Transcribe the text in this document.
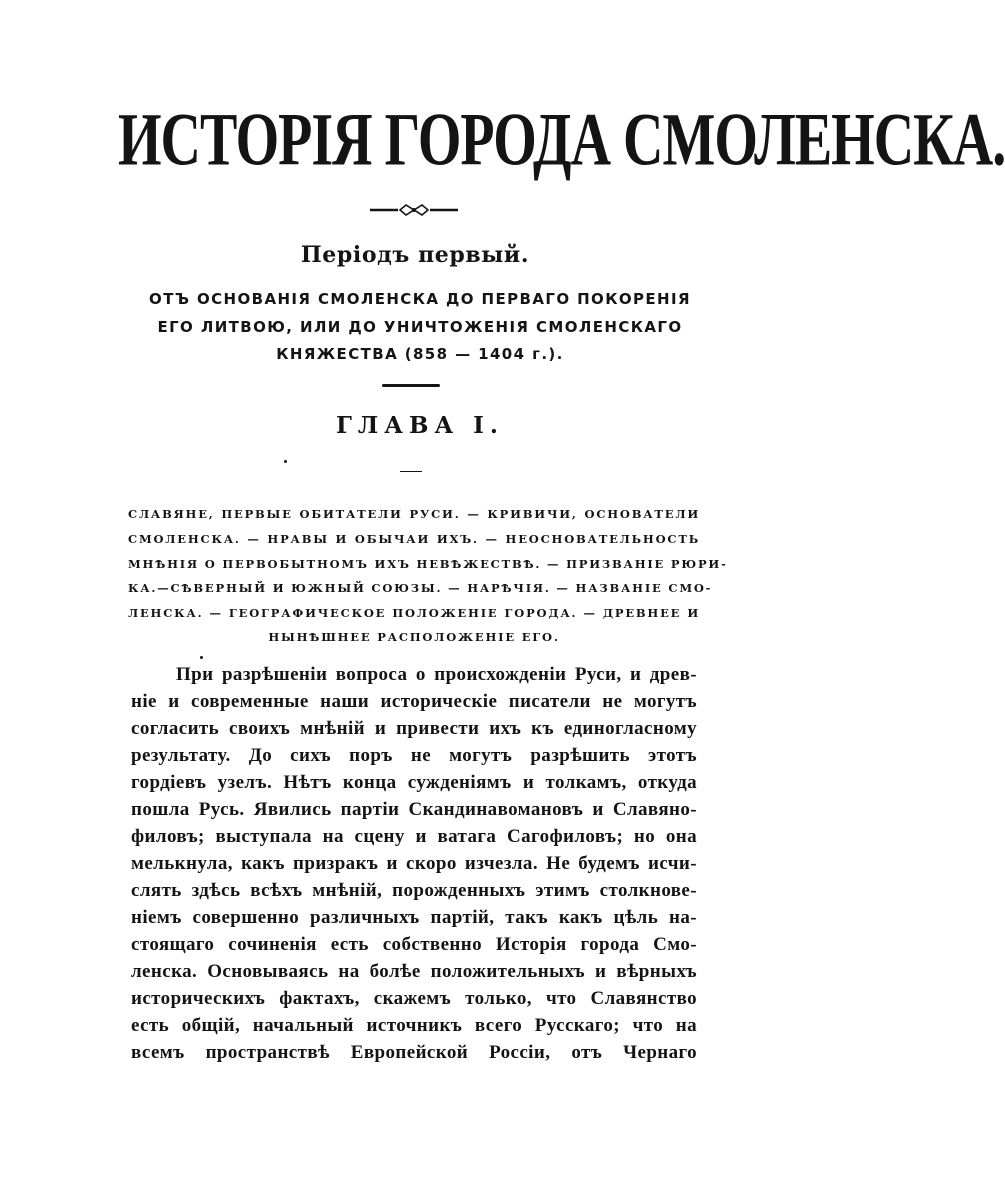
ИСТОРІЯ ГОРОДА СМОЛЕНСКА.
Періодъ первый.
ОТЪ ОСНОВАНІЯ СМОЛЕНСКА ДО ПЕРВАГО ПОКОРЕНІЯ
ЕГО ЛИТВОЮ, ИЛИ ДО УНИЧТОЖЕНІЯ СМОЛЕНСКАГО
КНЯЖЕСТВА (858 — 1404 г.).
ГЛАВА І.
СЛАВЯНЕ, ПЕРВЫЕ ОБИТАТЕЛИ РУСИ. — КРИВИЧИ, ОСНОВАТЕЛИ
СМОЛЕНСКА. — НРАВЫ И ОБЫЧАИ ИХЪ. — НЕОСНОВАТЕЛЬНОСТЬ
МНѢНІЯ О ПЕРВОБЫТНОМЪ ИХЪ НЕВѢЖЕСТВѢ. — ПРИЗВАНІЕ РЮРИ-
КА.—СѢВЕРНЫЙ И ЮЖНЫЙ СОЮЗЫ. — НАРѢЧІЯ. — НАЗВАНІЕ СМО-
ЛЕНСКА. — ГЕОГРАФИЧЕСКОЕ ПОЛОЖЕНІЕ ГОРОДА. — ДРЕВНЕЕ И
НЫНѢШНЕЕ РАСПОЛОЖЕНІЕ ЕГО.
При разрѣшеніи вопроса о происхожденіи Руси, и древ-
ніе и современные наши историческіе писатели не могутъ
согласить своихъ мнѣній и привести ихъ къ единогласному
результату. До сихъ поръ не могутъ разрѣшить этотъ
гордіевъ узелъ. Нѣтъ конца сужденіямъ и толкамъ, откуда
пошла Русь. Явились партіи Скандинавомановъ и Славяно-
филовъ; выступала на сцену и ватага Сагофиловъ; но она
мелькнула, какъ призракъ и скоро изчезла. Не будемъ исчи-
слять здѣсь всѣхъ мнѣній, порожденныхъ этимъ столкнове-
ніемъ совершенно различныхъ партій, такъ какъ цѣль на-
стоящаго сочиненія есть собственно Исторія города Смо-
ленска. Основываясь на болѣе положительныхъ и вѣрныхъ
историческихъ фактахъ, скажемъ только, что Славянство
есть общій, начальный источникъ всего Русскаго; что на
всемъ пространствѣ Европейской Россіи, отъ Чернаго
